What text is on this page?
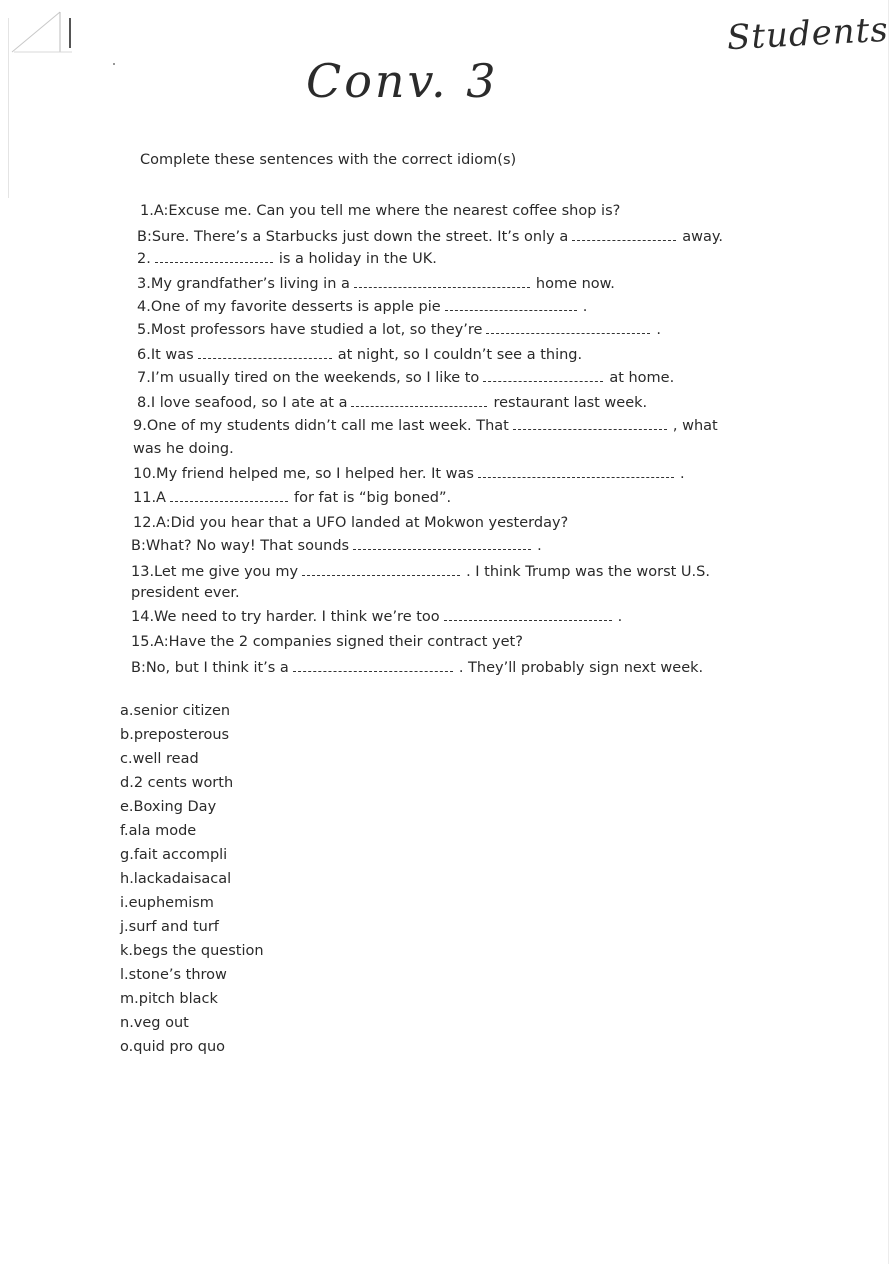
Students
Conv. 3
Complete these sentences with the correct idiom(s)
1.A:Excuse me. Can you tell me where the nearest coffee shop is?
B:Sure. There’s a Starbucks just down the street. It’s only a	away.
2.	is a holiday in the UK.
3.My grandfather’s living in a	home now.
4.One of my favorite desserts is apple pie	.
5.Most professors have studied a lot, so they’re	.
6.It was	at night, so I couldn’t see a thing.
7.I’m usually tired on the weekends, so I like to	at home.
8.I love seafood, so I ate at a	restaurant last week.
9.One of my students didn’t call me last week. That	, what
was he doing.
10.My friend helped me, so I helped her. It was	.
11.A	for fat is “big boned”.
12.A:Did you hear that a UFO landed at Mokwon yesterday?
B:What? No way! That sounds	.
13.Let me give you my	. I think Trump was the worst U.S.
president ever.
14.We need to try harder. I think we’re too	.
15.A:Have the 2 companies signed their contract yet?
B:No, but I think it’s a	. They’ll probably sign next week.
a.senior citizen
b.preposterous
c.well read
d.2 cents worth
e.Boxing Day
f.ala mode
g.fait accompli
h.lackadaisacal
i.euphemism
j.surf and turf
k.begs the question
l.stone’s throw
m.pitch black
n.veg out
o.quid pro quo
